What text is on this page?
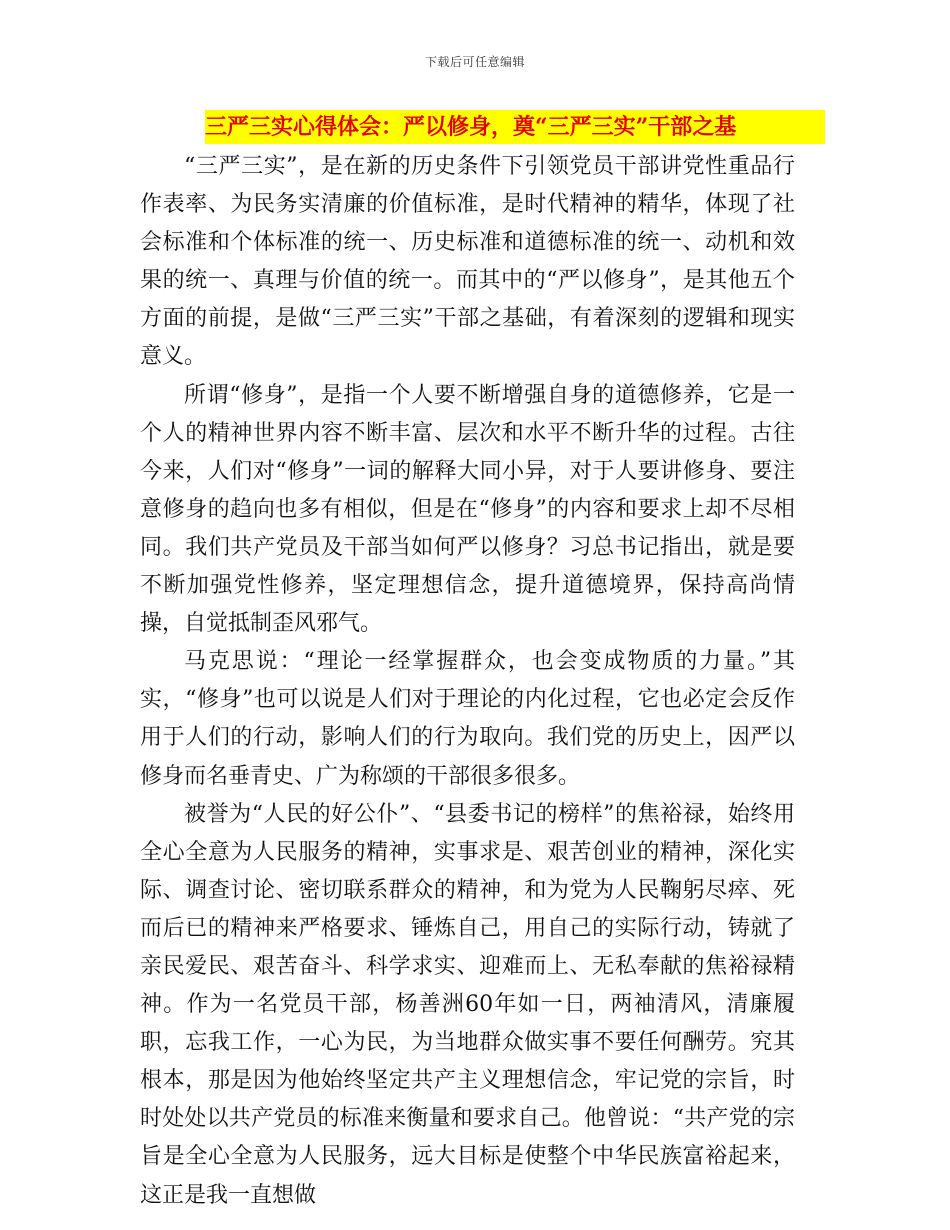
下载后可任意编辑
三严三实心得体会：严以修身，奠“三严三实”干部之基

“三严三实”，是在新的历史条件下引领党员干部讲党性重品行作表率、为民务实清廉的价值标准，是时代精神的精华，体现了社会标准和个体标准的统一、历史标准和道德标准的统一、动机和效果的统一、真理与价值的统一。而其中的“严以修身”，是其他五个方面的前提，是做“三严三实”干部之基础，有着深刻的逻辑和现实意义。

所谓“修身”，是指一个人要不断增强自身的道德修养，它是一个人的精神世界内容不断丰富、层次和水平不断升华的过程。古往今来，人们对“修身”一词的解释大同小异，对于人要讲修身、要注意修身的趋向也多有相似，但是在“修身”的内容和要求上却不尽相同。我们共产党员及干部当如何严以修身？习总书记指出，就是要不断加强党性修养，坚定理想信念，提升道德境界，保持高尚情操，自觉抵制歪风邪气。

马克思说：“理论一经掌握群众，也会变成物质的力量。”其实，“修身”也可以说是人们对于理论的内化过程，它也必定会反作用于人们的行动，影响人们的行为取向。我们党的历史上，因严以修身而名垂青史、广为称颂的干部很多很多。

被誉为“人民的好公仆”、“县委书记的榜样”的焦裕禄，始终用全心全意为人民服务的精神，实事求是、艰苦创业的精神，深化实际、调查讨论、密切联系群众的精神，和为党为人民鞠躬尽瘁、死而后已的精神来严格要求、锤炼自己，用自己的实际行动，铸就了亲民爱民、艰苦奋斗、科学求实、迎难而上、无私奉献的焦裕禄精神。作为一名党员干部，杨善洲60年如一日，两袖清风，清廉履职，忘我工作，一心为民，为当地群众做实事不要任何酬劳。究其根本，那是因为他始终坚定共产主义理想信念，牢记党的宗旨，时时处处以共产党员的标准来衡量和要求自己。他曾说：“共产党的宗旨是全心全意为人民服务，远大目标是使整个中华民族富裕起来，这正是我一直想做
